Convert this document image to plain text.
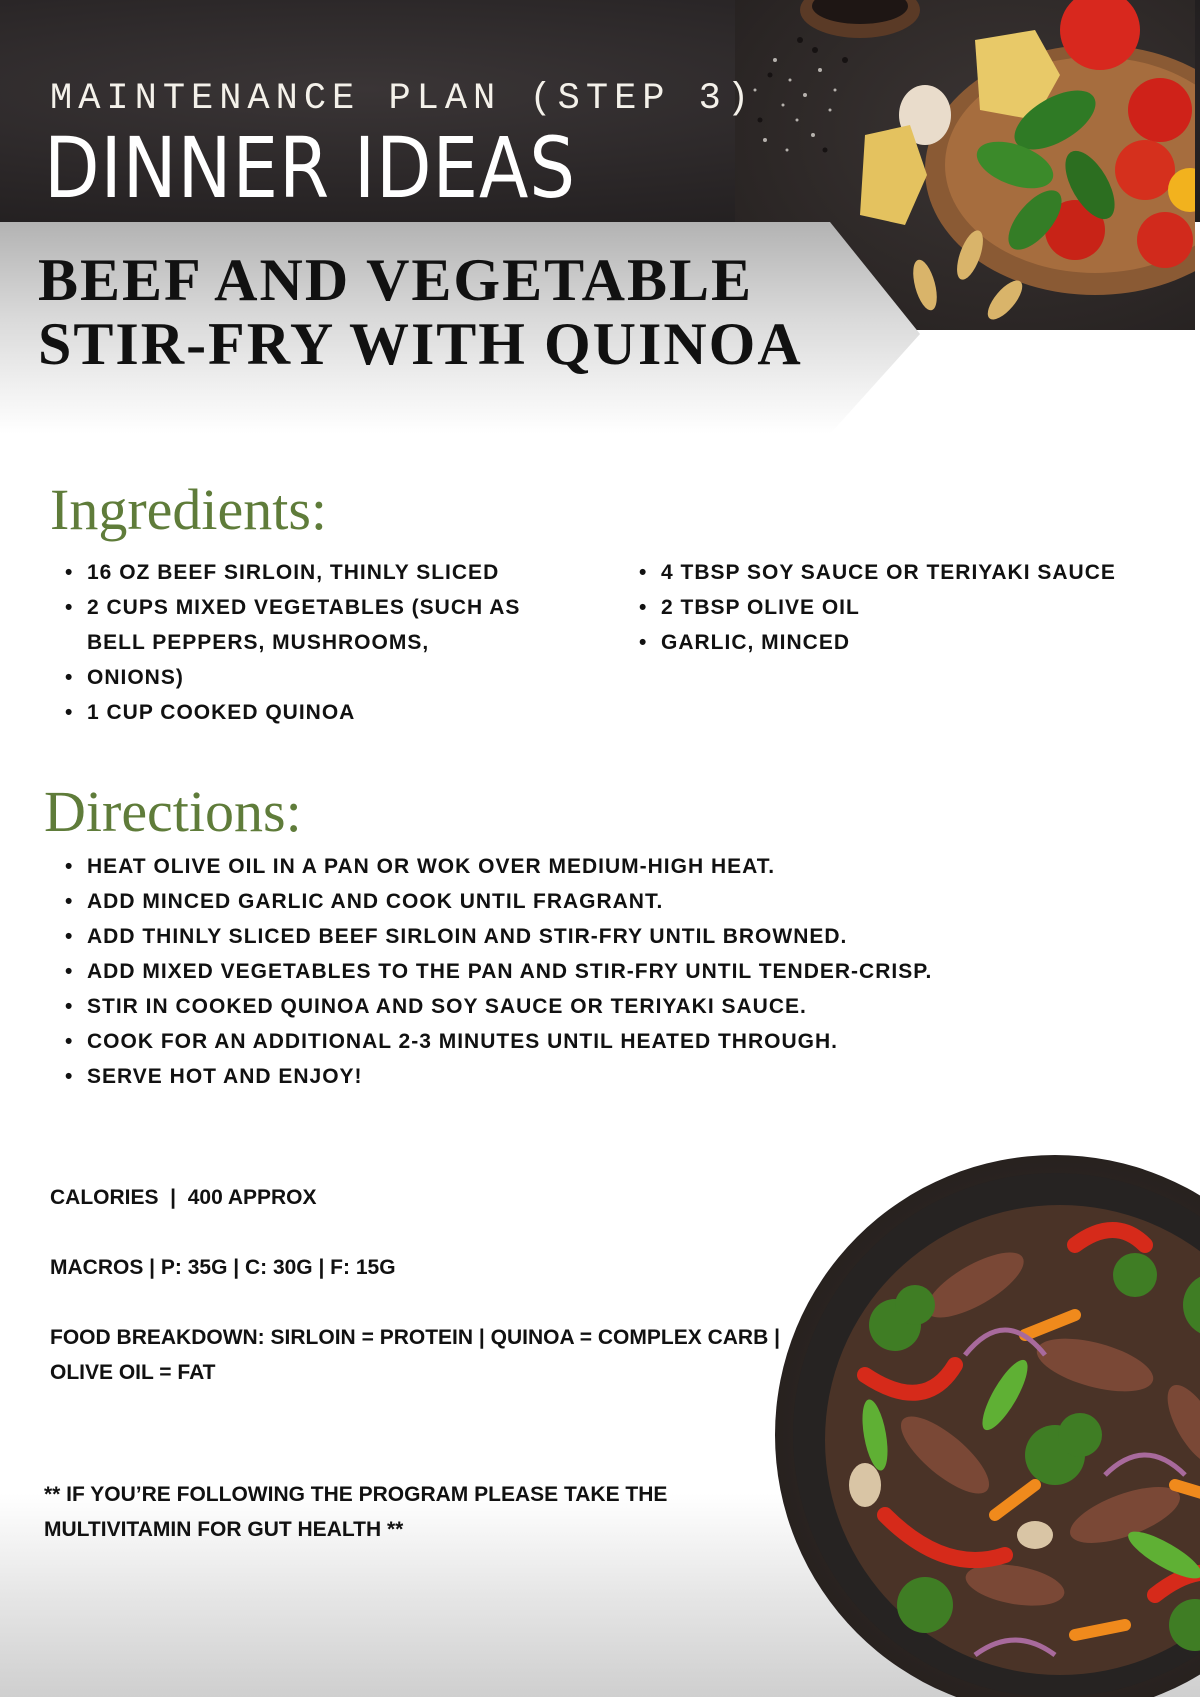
MAINTENANCE PLAN (STEP 3)
DINNER IDEAS
BEEF AND VEGETABLE
STIR-FRY WITH QUINOA
Ingredients:
• 16 OZ BEEF SIRLOIN, THINLY SLICED
• 2 CUPS MIXED VEGETABLES (SUCH AS BELL PEPPERS, MUSHROOMS,
• ONIONS)
• 1 CUP COOKED QUINOA
• 4 TBSP SOY SAUCE OR TERIYAKI SAUCE
• 2 TBSP OLIVE OIL
• GARLIC, MINCED
Directions:
• HEAT OLIVE OIL IN A PAN OR WOK OVER MEDIUM-HIGH HEAT.
• ADD MINCED GARLIC AND COOK UNTIL FRAGRANT.
• ADD THINLY SLICED BEEF SIRLOIN AND STIR-FRY UNTIL BROWNED.
• ADD MIXED VEGETABLES TO THE PAN AND STIR-FRY UNTIL TENDER-CRISP.
• STIR IN COOKED QUINOA AND SOY SAUCE OR TERIYAKI SAUCE.
• COOK FOR AN ADDITIONAL 2-3 MINUTES UNTIL HEATED THROUGH.
• SERVE HOT AND ENJOY!

CALORIES  |  400 APPROX

MACROS | P: 35G | C: 30G | F: 15G

FOOD BREAKDOWN: SIRLOIN = PROTEIN | QUINOA = COMPLEX CARB | OLIVE OIL = FAT

** IF YOU’RE FOLLOWING THE PROGRAM PLEASE TAKE THE MULTIVITAMIN FOR GUT HEALTH **
